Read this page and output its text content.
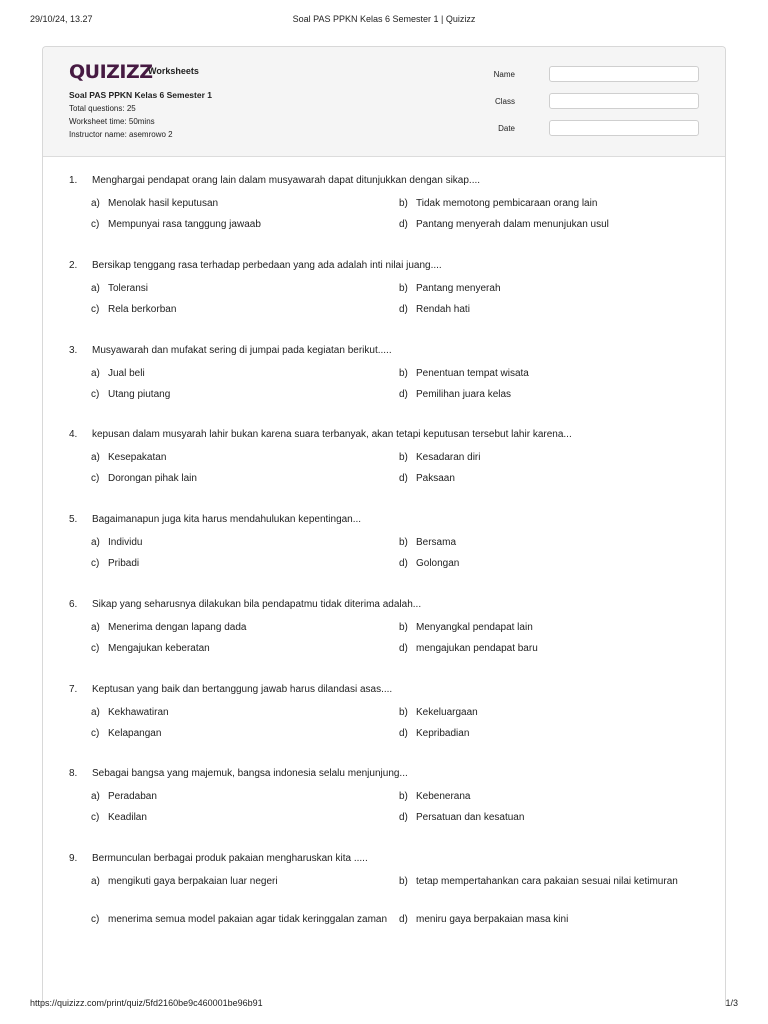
29/10/24, 13.27	Soal PAS PPKN Kelas 6 Semester 1 | Quizizz
QUIZIZZ
Worksheets
Soal PAS PPKN Kelas 6 Semester 1
Total questions: 25
Worksheet time: 50mins
Instructor name: asemrowo 2
Name
Class
Date
1. Menghargai pendapat orang lain dalam musyawarah dapat ditunjukkan dengan sikap....
a) Menolak hasil keputusan	b) Tidak memotong pembicaraan orang lain
c) Mempunyai rasa tanggung jawaab	d) Pantang menyerah dalam menunjukan usul
2. Bersikap tenggang rasa terhadap perbedaan yang ada adalah inti nilai juang....
a) Toleransi	b) Pantang menyerah
c) Rela berkorban	d) Rendah hati
3. Musyawarah dan mufakat sering di jumpai pada kegiatan berikut.....
a) Jual beli	b) Penentuan tempat wisata
c) Utang piutang	d) Pemilihan juara kelas
4. kepusan dalam musyarah lahir bukan karena suara terbanyak, akan tetapi keputusan tersebut lahir karena...
a) Kesepakatan	b) Kesadaran diri
c) Dorongan pihak lain	d) Paksaan
5. Bagaimanapun juga kita harus mendahulukan kepentingan...
a) Individu	b) Bersama
c) Pribadi	d) Golongan
6. Sikap yang seharusnya dilakukan bila pendapatmu tidak diterima adalah...
a) Menerima dengan lapang dada	b) Menyangkal pendapat lain
c) Mengajukan keberatan	d) mengajukan pendapat baru
7. Keptusan yang baik dan bertanggung jawab harus dilandasi asas....
a) Kekhawatiran	b) Kekeluargaan
c) Kelapangan	d) Kepribadian
8. Sebagai bangsa yang majemuk, bangsa indonesia selalu menjunjung...
a) Peradaban	b) Kebenerana
c) Keadilan	d) Persatuan dan kesatuan
9. Bermunculan berbagai produk pakaian mengharuskan kita .....
a) mengikuti gaya berpakaian luar negeri	b) tetap mempertahankan cara pakaian sesuai nilai ketimuran
c) menerima semua model pakaian agar tidak keringgalan zaman d) meniru gaya berpakaian masa kini
https://quizizz.com/print/quiz/5fd2160be9c460001be96b91	1/3
